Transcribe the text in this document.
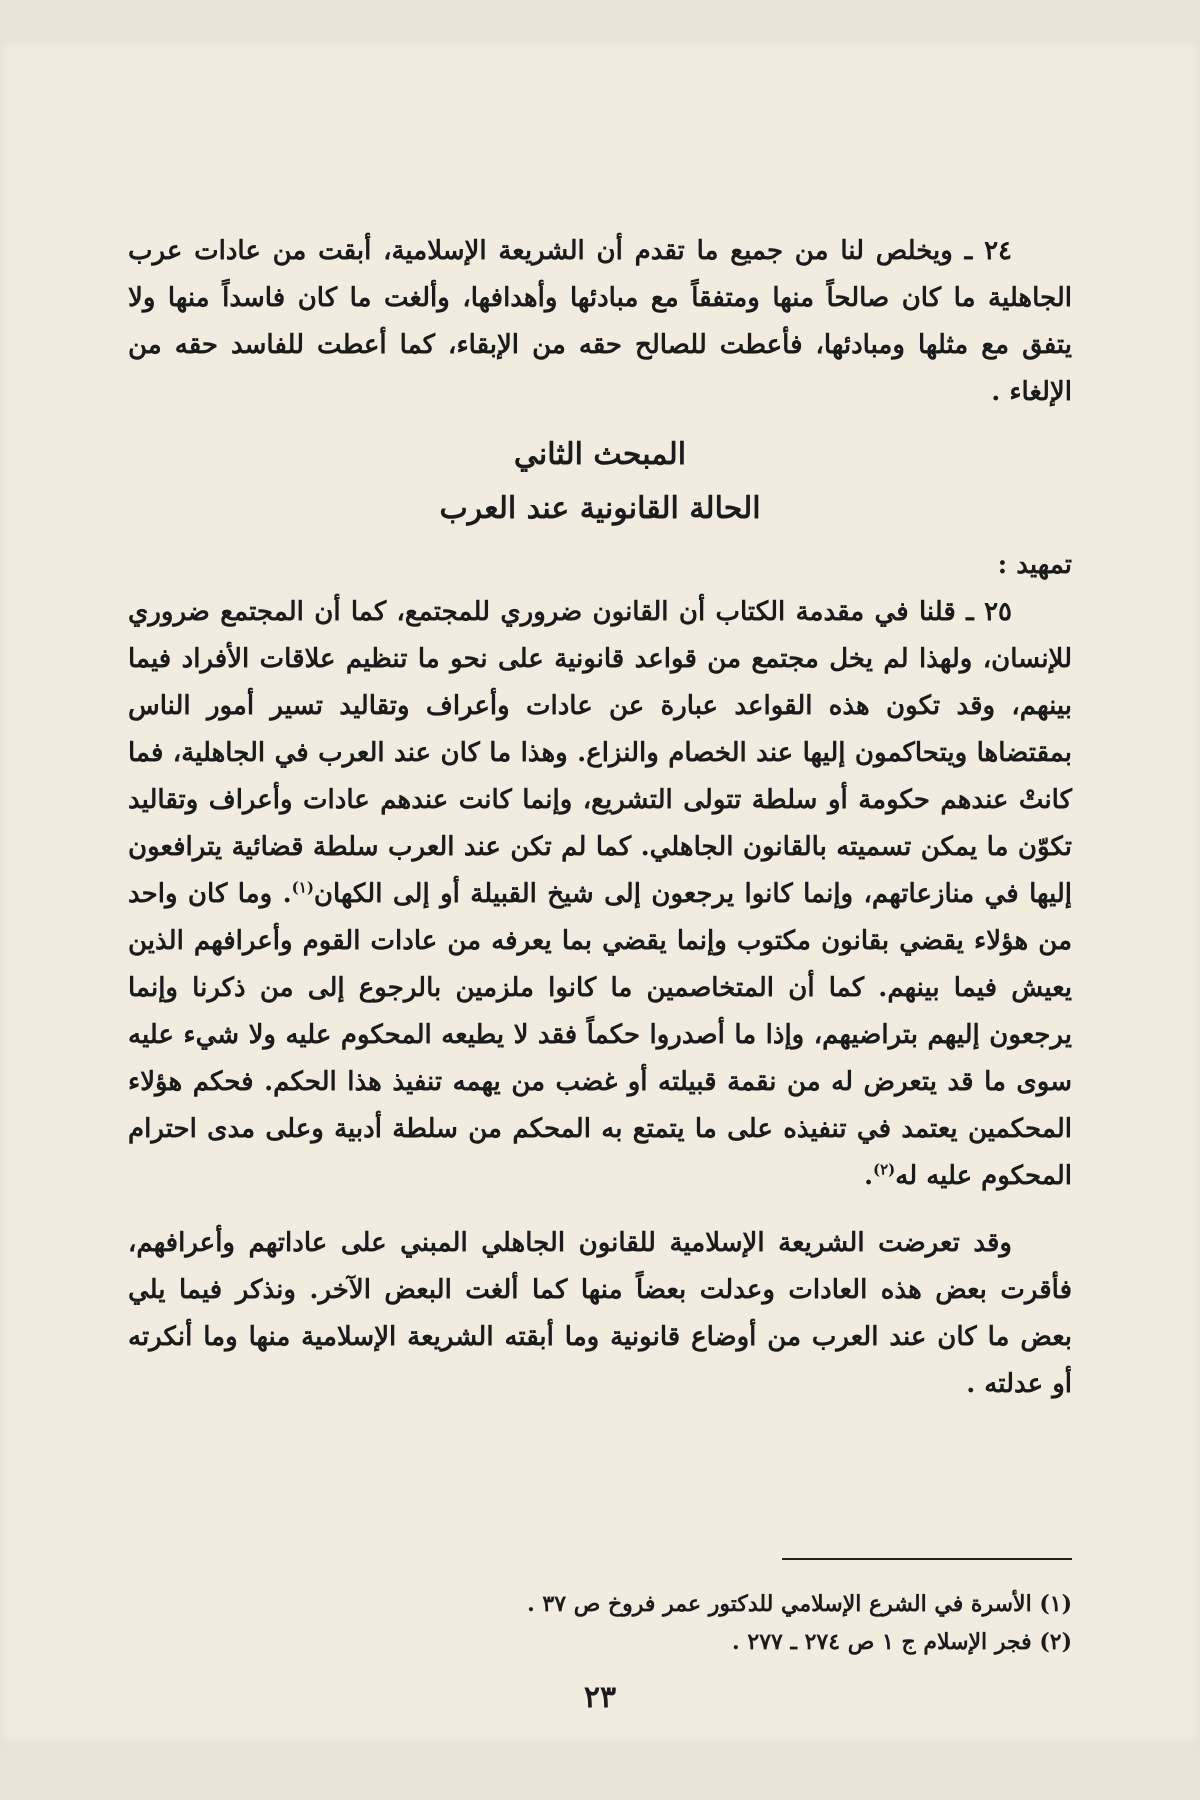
٢٤ ـ ويخلص لنا من جميع ما تقدم أن الشريعة الإسلامية، أبقت من عادات عرب الجاهلية ما كان صالحاً منها ومتفقاً مع مبادئها وأهدافها، وألغت ما كان فاسداً منها ولا يتفق مع مثلها ومبادئها، فأعطت للصالح حقه من الإبقاء، كما أعطت للفاسد حقه من الإلغاء .

المبحث الثاني

الحالة القانونية عند العرب

تمهيد :

٢٥ ـ قلنا في مقدمة الكتاب أن القانون ضروري للمجتمع، كما أن المجتمع ضروري للإنسان، ولهذا لم يخل مجتمع من قواعد قانونية على نحو ما تنظيم علاقات الأفراد فيما بينهم، وقد تكون هذه القواعد عبارة عن عادات وأعراف وتقاليد تسير أمور الناس بمقتضاها ويتحاكمون إليها عند الخصام والنزاع. وهذا ما كان عند العرب في الجاهلية، فما كانتْ عندهم حكومة أو سلطة تتولى التشريع، وإنما كانت عندهم عادات وأعراف وتقاليد تكوّن ما يمكن تسميته بالقانون الجاهلي. كما لم تكن عند العرب سلطة قضائية يترافعون إليها في منازعاتهم، وإنما كانوا يرجعون إلى شيخ القبيلة أو إلى الكهان$^{(١)}$. وما كان واحد من هؤلاء يقضي بقانون مكتوب وإنما يقضي بما يعرفه من عادات القوم وأعرافهم الذين يعيش فيما بينهم. كما أن المتخاصمين ما كانوا ملزمين بالرجوع إلى من ذكرنا وإنما يرجعون إليهم بتراضيهم، وإذا ما أصدروا حكماً فقد لا يطيعه المحكوم عليه ولا شيء عليه سوى ما قد يتعرض له من نقمة قبيلته أو غضب من يهمه تنفيذ هذا الحكم. فحكم هؤلاء المحكمين يعتمد في تنفيذه على ما يتمتع به المحكم من سلطة أدبية وعلى مدى احترام المحكوم عليه له$^{(٢)}$.

وقد تعرضت الشريعة الإسلامية للقانون الجاهلي المبني على عاداتهم وأعرافهم، فأقرت بعض هذه العادات وعدلت بعضاً منها كما ألغت البعض الآخر. ونذكر فيما يلي بعض ما كان عند العرب من أوضاع قانونية وما أبقته الشريعة الإسلامية منها وما أنكرته أو عدلته .

(١) الأسرة في الشرع الإسلامي للدكتور عمر فروخ ص ٣٧ .

(٢) فجر الإسلام ج ١ ص ٢٧٤ ـ ٢٧٧ .

٢٣
